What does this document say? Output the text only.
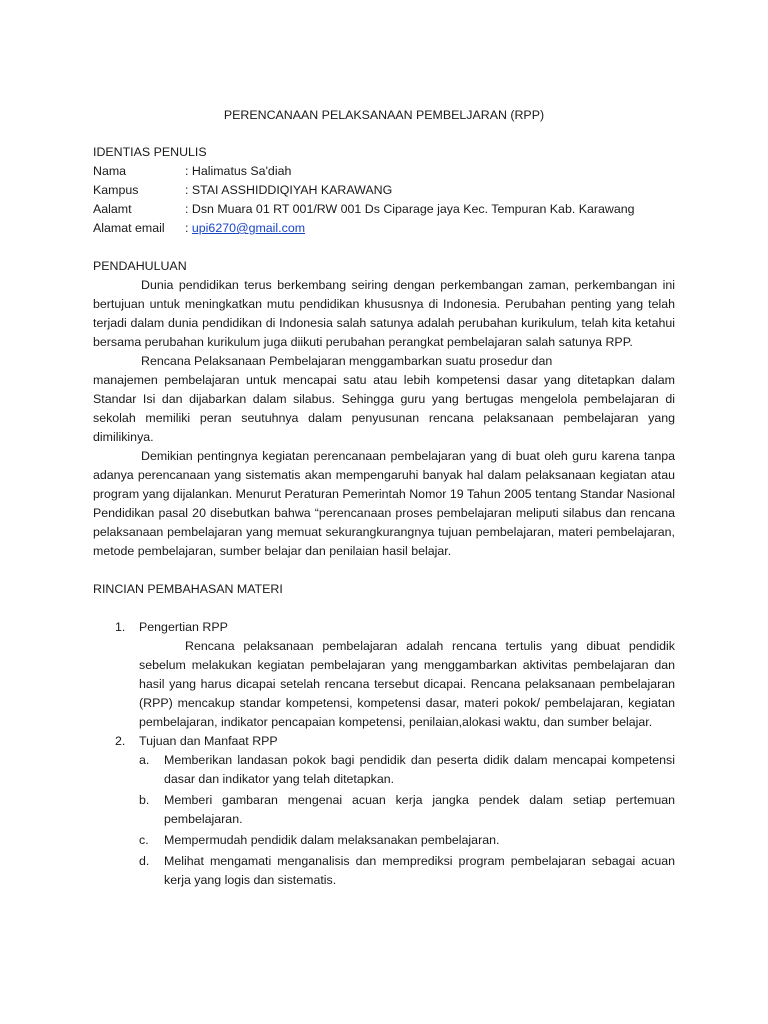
PERENCANAAN PELAKSANAAN PEMBELJARAN (RPP)
IDENTIAS PENULIS
Nama	: Halimatus Sa'diah
Kampus	: STAI ASSHIDDIQIYAH KARAWANG
Aalamt	: Dsn Muara 01 RT 001/RW 001 Ds Ciparage jaya Kec. Tempuran Kab. Karawang
Alamat email	: upi6270@gmail.com
PENDAHULUAN

Dunia pendidikan terus berkembang seiring dengan perkembangan zaman, perkembangan ini bertujuan untuk meningkatkan mutu pendidikan khususnya di Indonesia. Perubahan penting yang telah terjadi dalam dunia pendidikan di Indonesia salah satunya adalah perubahan kurikulum, telah kita ketahui bersama perubahan kurikulum juga diikuti perubahan perangkat pembelajaran salah satunya RPP.

Rencana Pelaksanaan Pembelajaran menggambarkan suatu prosedur dan

manajemen pembelajaran untuk mencapai satu atau lebih kompetensi dasar yang ditetapkan dalam Standar Isi dan dijabarkan dalam silabus. Sehingga guru yang bertugas mengelola pembelajaran di sekolah memiliki peran seutuhnya dalam penyusunan rencana pelaksanaan pembelajaran yang dimilikinya.

Demikian pentingnya kegiatan perencanaan pembelajaran yang di buat oleh guru karena tanpa adanya perencanaan yang sistematis akan mempengaruhi banyak hal dalam pelaksanaan kegiatan atau program yang dijalankan. Menurut Peraturan Pemerintah Nomor 19 Tahun 2005 tentang Standar Nasional Pendidikan pasal 20 disebutkan bahwa “perencanaan proses pembelajaran meliputi silabus dan rencana pelaksanaan pembelajaran yang memuat sekurangkurangnya tujuan pembelajaran, materi pembelajaran, metode pembelajaran, sumber belajar dan penilaian hasil belajar.

RINCIAN PEMBAHASAN MATERI
1. Pengertian RPP

Rencana pelaksanaan pembelajaran adalah rencana tertulis yang dibuat pendidik sebelum melakukan kegiatan pembelajaran yang menggambarkan aktivitas pembelajaran dan hasil yang harus dicapai setelah rencana tersebut dicapai. Rencana pelaksanaan pembelajaran (RPP) mencakup standar kompetensi, kompetensi dasar, materi pokok/ pembelajaran, kegiatan pembelajaran, indikator pencapaian kompetensi, penilaian,alokasi waktu, dan sumber belajar.

2. Tujuan dan Manfaat RPP
a. Memberikan landasan pokok bagi pendidik dan peserta didik dalam mencapai kompetensi dasar dan indikator yang telah ditetapkan.
b. Memberi gambaran mengenai acuan kerja jangka pendek dalam setiap pertemuan pembelajaran.
c. Mempermudah pendidik dalam melaksanakan pembelajaran.
d. Melihat mengamati menganalisis dan memprediksi program pembelajaran sebagai acuan kerja yang logis dan sistematis.
